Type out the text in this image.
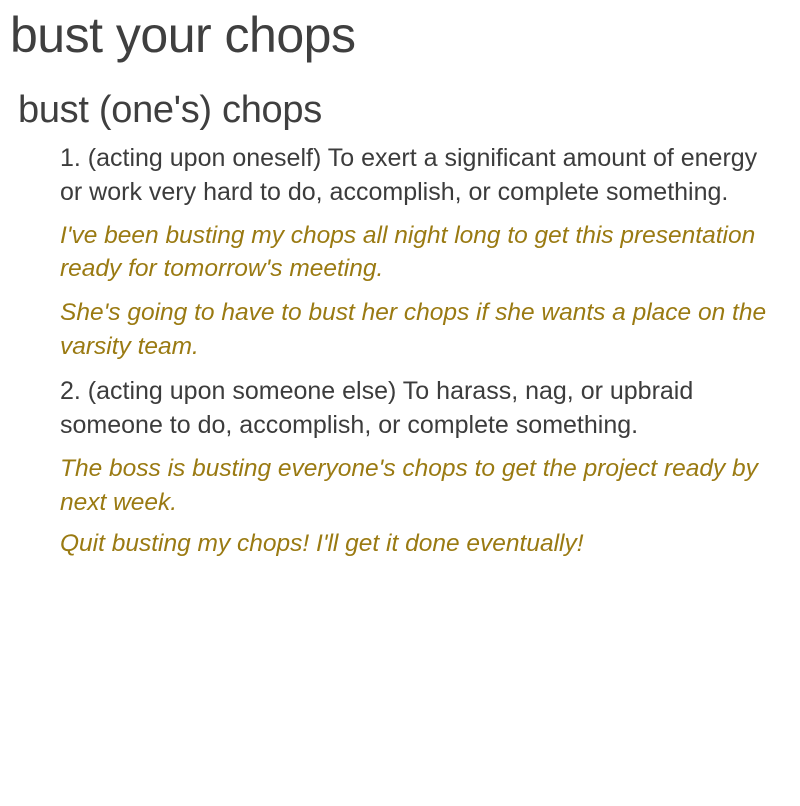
bust your chops
bust (one's) chops

1. (acting upon oneself) To exert a significant amount of energy or work very hard to do, accomplish, or complete something.

I've been busting my chops all night long to get this presentation ready for tomorrow's meeting.

She's going to have to bust her chops if she wants a place on the varsity team.

2. (acting upon someone else) To harass, nag, or upbraid someone to do, accomplish, or complete something.

The boss is busting everyone's chops to get the project ready by next week.

Quit busting my chops! I'll get it done eventually!
